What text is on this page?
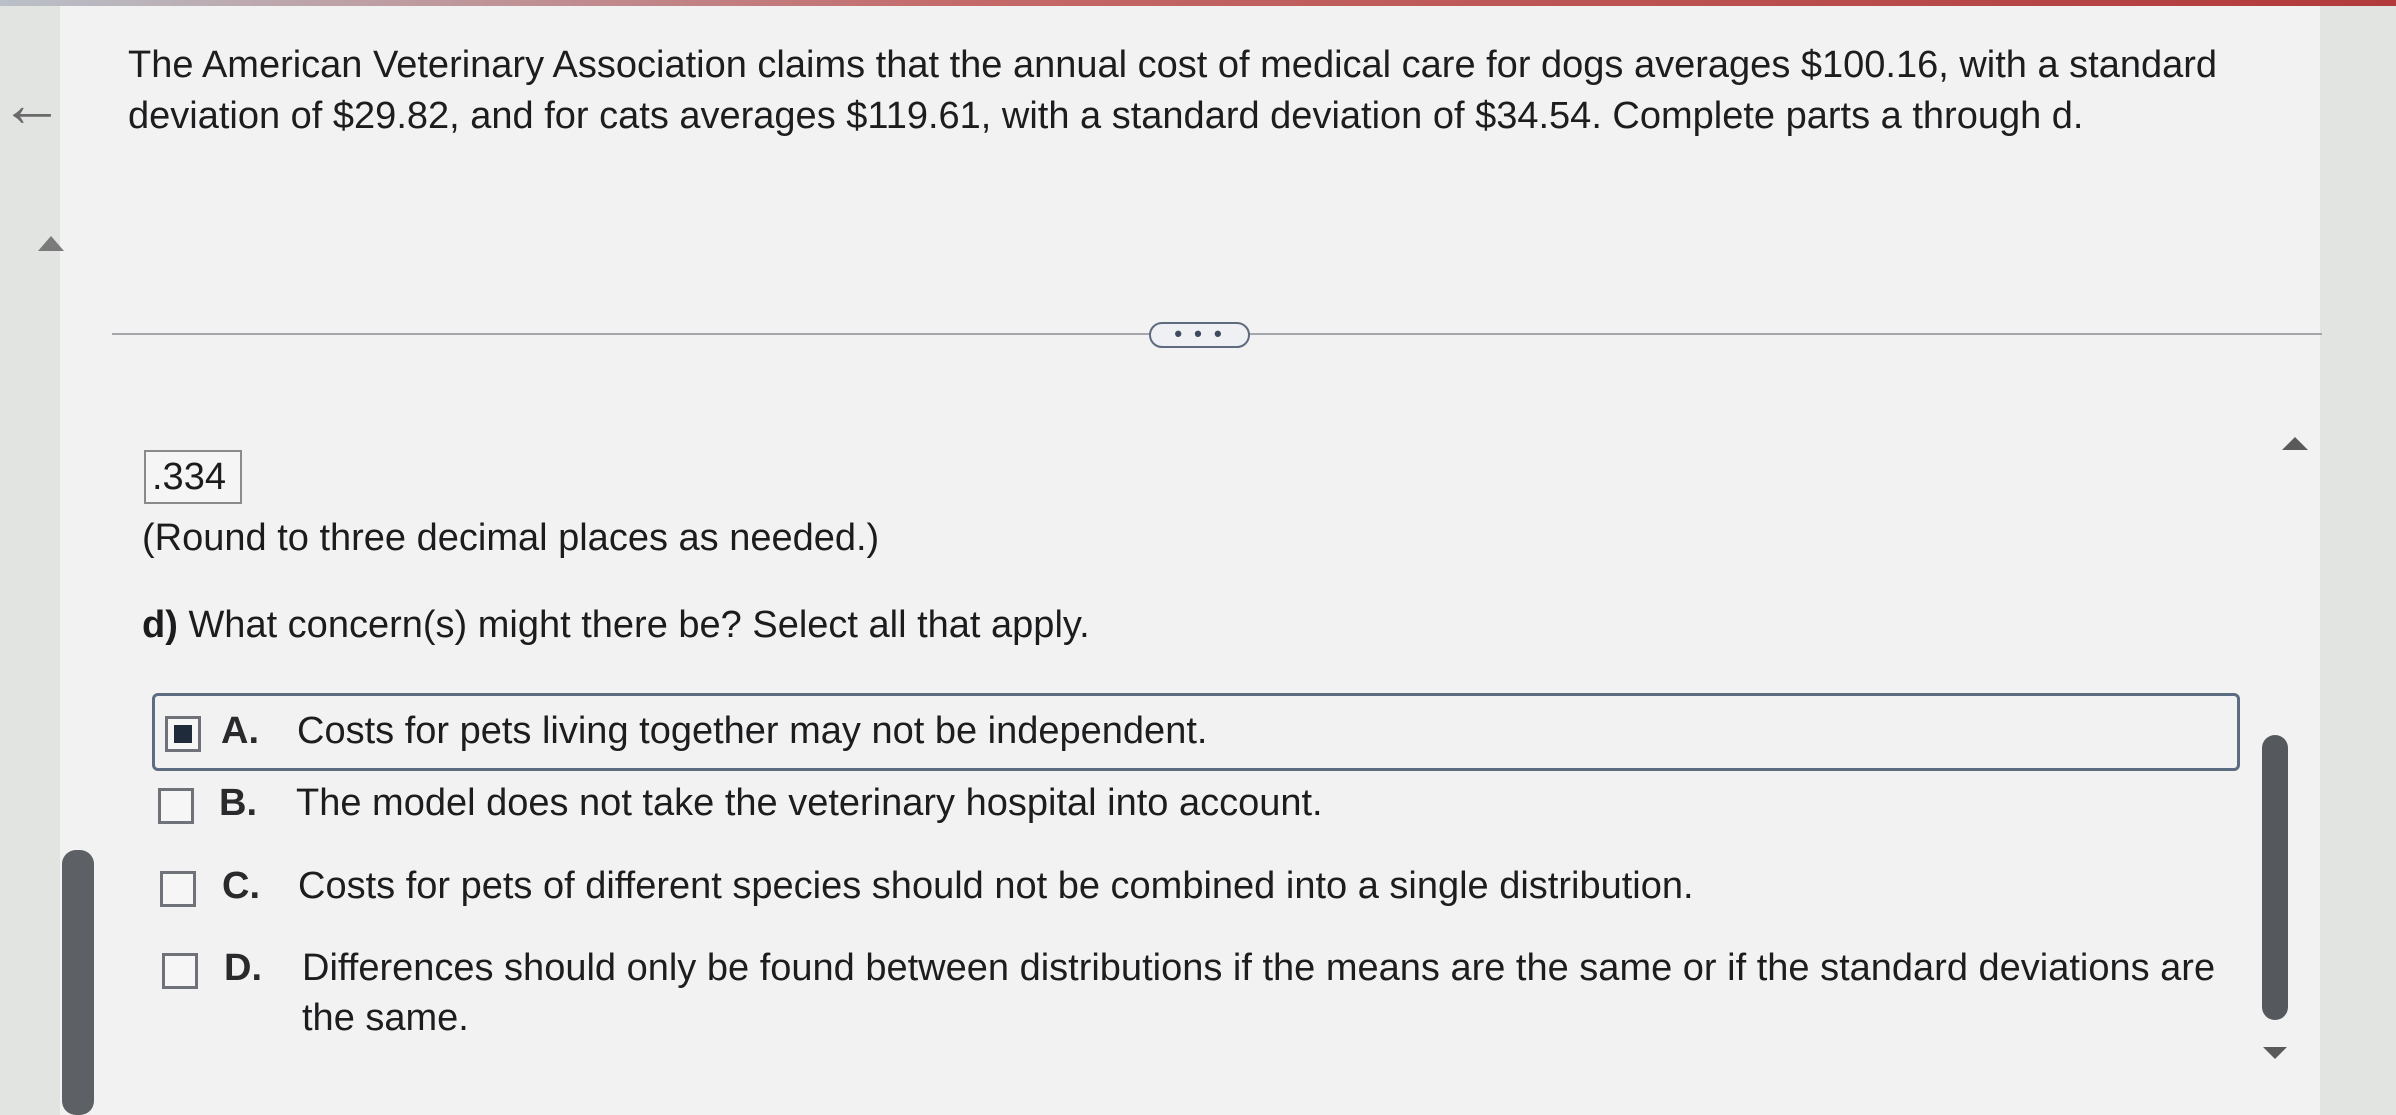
←
The American Veterinary Association claims that the annual cost of medical care for dogs averages $100.16, with a standard deviation of $29.82, and for cats averages $119.61, with a standard deviation of $34.54. Complete parts a through d.
• • •
.334
(Round to three decimal places as needed.)
d) What concern(s) might there be? Select all that apply.
A. Costs for pets living together may not be independent.
B. The model does not take the veterinary hospital into account.
C. Costs for pets of different species should not be combined into a single distribution.
D. Differences should only be found between distributions if the means are the same or if the standard deviations are the same.
